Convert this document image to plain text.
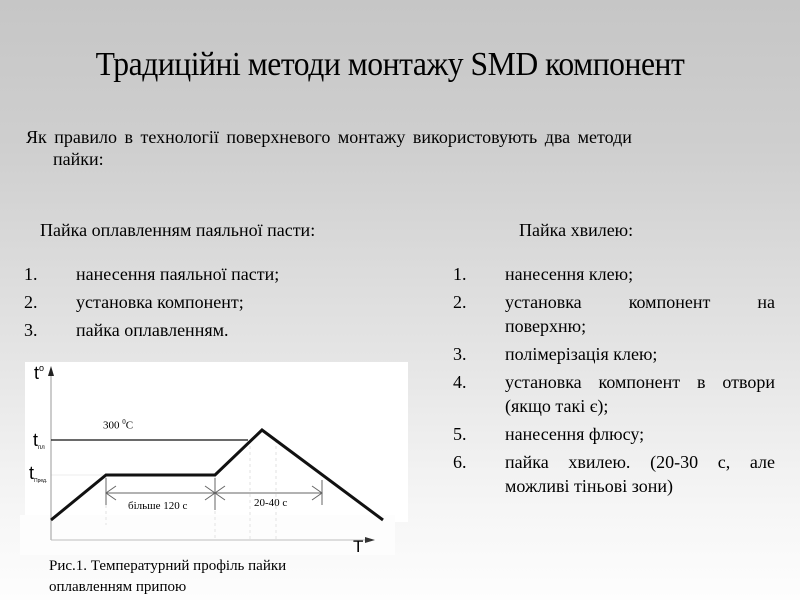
Традиційні методи монтажу SMD компонент
Як правило в технології поверхневого монтажу використовують два методи
пайки:
Пайка оплавленням паяльної пасти:	Пайка хвилею:
1. нанесення паяльної пасти;
2. установка компонент;
3. пайка оплавленням.
1. нанесення клею;
2. установка компонент на поверхню;
3. полімерізація клею;
4. установка компонент в отвори (якщо такі є);
5. нанесення флюсу;
6. пайка хвилею. (20-30 с, але можливі тіньові зони)
$t^o$
T
$t_{пл}$
$t_{Пред.}$
300 $^0$C
більше 120 с	20-40 с
Рис.1. Температурний профіль пайки
оплавленням припою
